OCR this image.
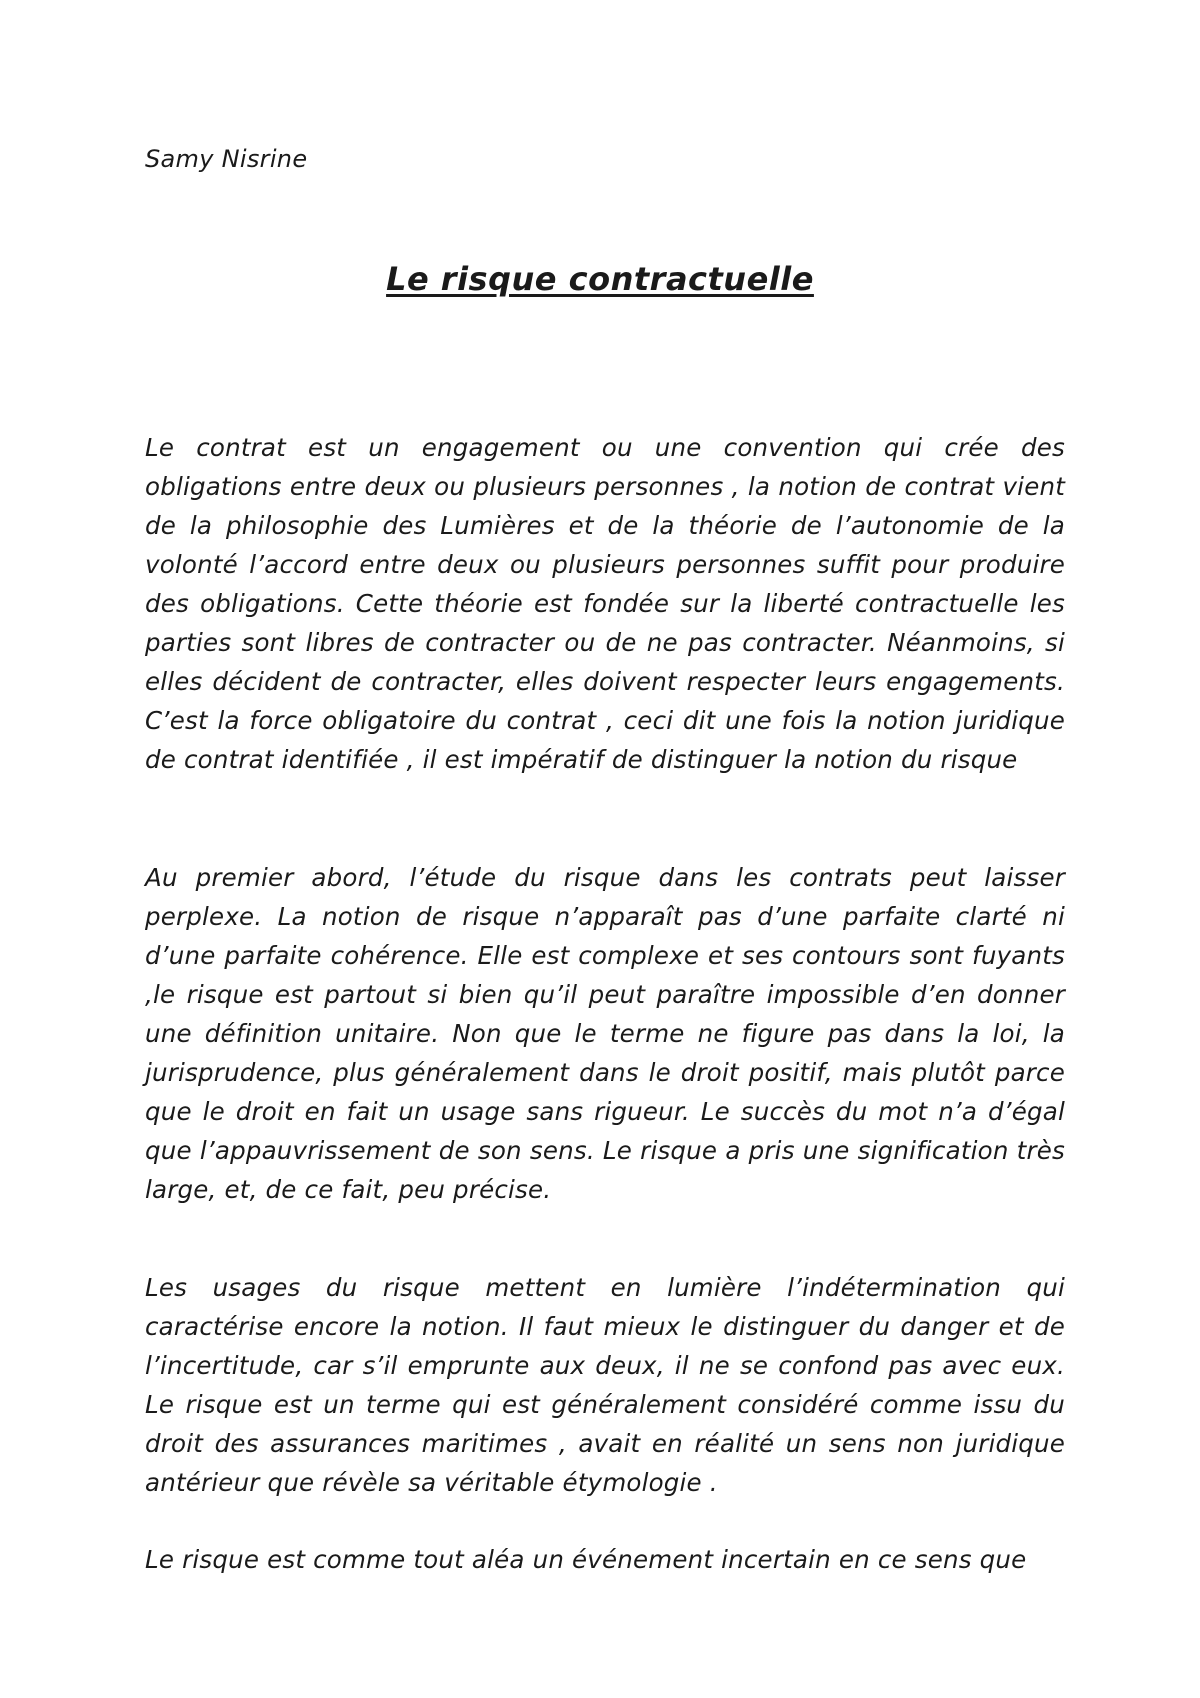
Samy Nisrine

Le risque contractuelle

Le contrat est un engagement ou une convention qui crée des obligations entre deux ou plusieurs personnes , la notion de contrat vient de la philosophie des Lumières et de la théorie de l’autonomie de la volonté l’accord entre deux ou plusieurs personnes suffit pour produire des obligations. Cette théorie est fondée sur la liberté contractuelle les parties sont libres de contracter ou de ne pas contracter. Néanmoins, si elles décident de contracter, elles doivent respecter leurs engagements. C’est la force obligatoire du contrat , ceci dit une fois la notion juridique de contrat identifiée , il est impératif de distinguer la notion du risque

Au premier abord, l’étude du risque dans les contrats peut laisser perplexe. La notion de risque n’apparaît pas d’une parfaite clarté ni d’une parfaite cohérence. Elle est complexe et ses contours sont fuyants ,le risque est partout si bien qu’il peut paraître impossible d’en donner une définition unitaire. Non que le terme ne figure pas dans la loi, la jurisprudence, plus généralement dans le droit positif, mais plutôt parce que le droit en fait un usage sans rigueur. Le succès du mot n’a d’égal que l’appauvrissement de son sens. Le risque a pris une signification très large, et, de ce fait, peu précise.

Les usages du risque mettent en lumière l’indétermination qui caractérise encore la notion. Il faut mieux le distinguer du danger et de l’incertitude, car s’il emprunte aux deux, il ne se confond pas avec eux. Le risque est un terme qui est généralement considéré comme issu du droit des assurances maritimes , avait en réalité un sens non juridique antérieur que révèle sa véritable étymologie .

Le risque est comme tout aléa un événement incertain en ce sens que
